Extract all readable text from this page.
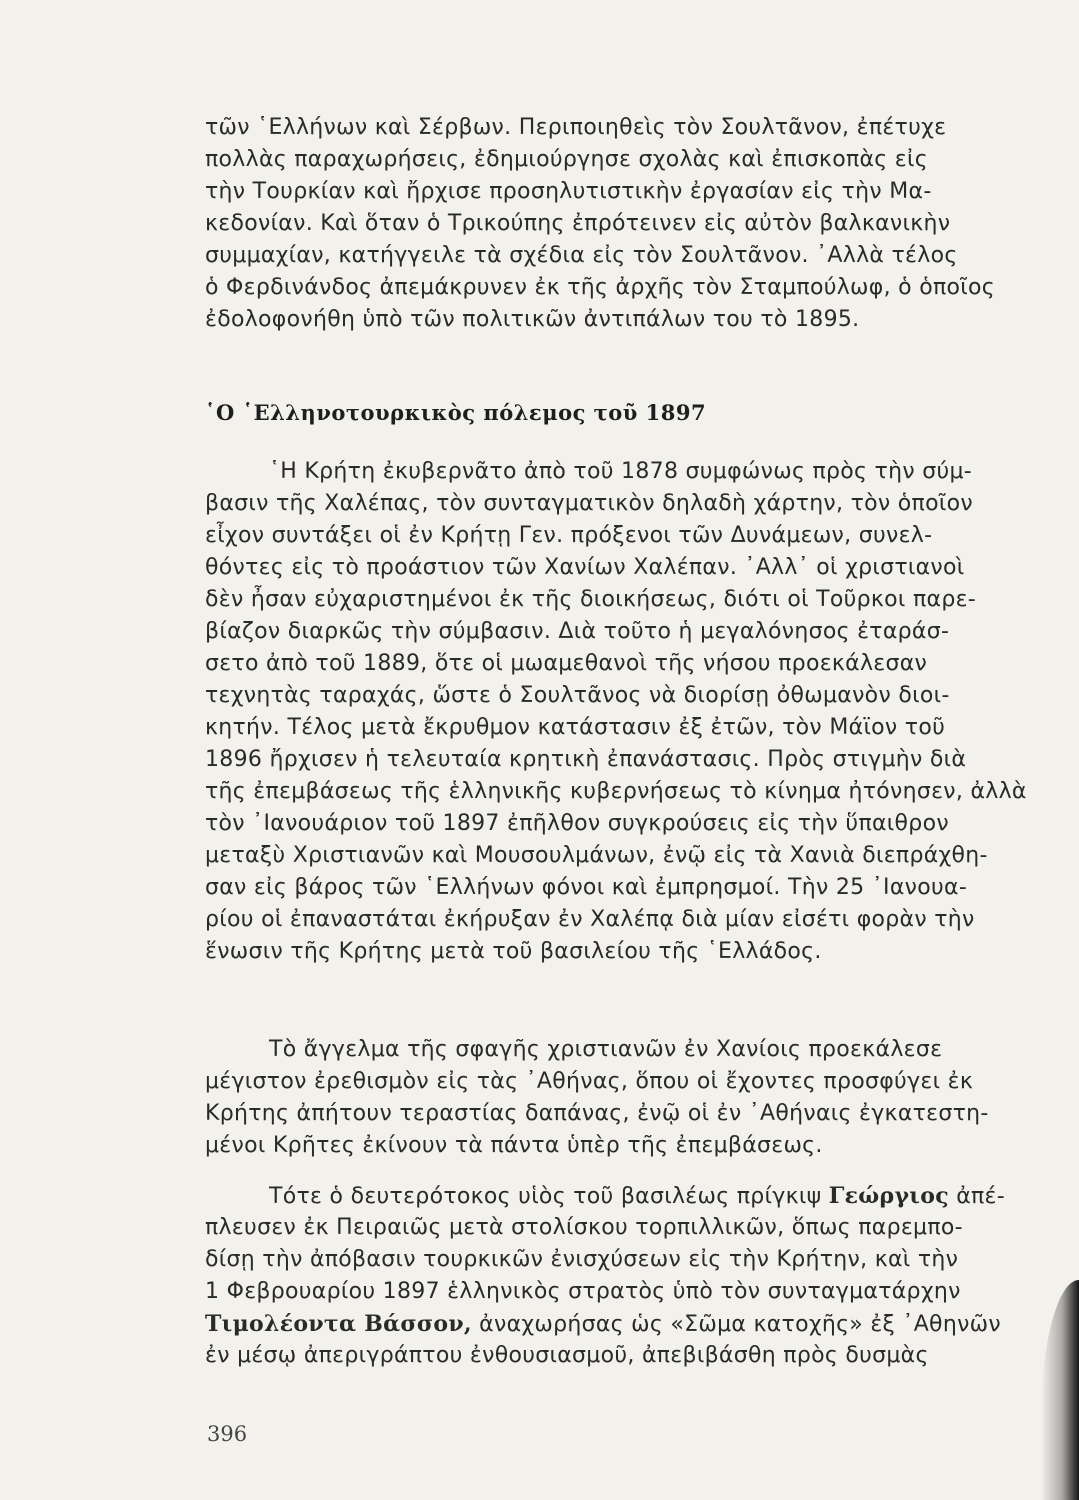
τῶν ῾Ελλήνων καὶ Σέρβων. Περιποιηθεὶς τὸν Σουλτᾶνον, ἐπέτυχε
πολλὰς παραχωρήσεις, ἐδημιούργησε σχολὰς καὶ ἐπισκοπὰς εἰς
τὴν Τουρκίαν καὶ ἤρχισε προσηλυτιστικὴν ἐργασίαν εἰς τὴν Μα-
κεδονίαν. Καὶ ὅταν ὁ Τρικούπης ἐπρότεινεν εἰς αὐτὸν βαλκανικὴν
συμμαχίαν, κατήγγειλε τὰ σχέδια εἰς τὸν Σουλτᾶνον. ᾿Αλλὰ τέλος
ὁ Φερδινάνδος ἀπεμάκρυνεν ἐκ τῆς ἀρχῆς τὸν Σταμπούλωφ, ὁ ὁποῖος
ἐδολοφονήθη ὑπὸ τῶν πολιτικῶν ἀντιπάλων του τὸ 1895.
῾Ο ῾Ελληνοτουρκικὸς πόλεμος τοῦ 1897
῾Η Κρήτη ἐκυβερνᾶτο ἀπὸ τοῦ 1878 συμφώνως πρὸς τὴν σύμ-
βασιν τῆς Χαλέπας, τὸν συνταγματικὸν δηλαδὴ χάρτην, τὸν ὁποῖον
εἶχον συντάξει οἱ ἐν Κρήτῃ Γεν. πρόξενοι τῶν Δυνάμεων, συνελ-
θόντες εἰς τὸ προάστιον τῶν Χανίων Χαλέπαν. ᾿Αλλ᾿ οἱ χριστιανοὶ
δὲν ἦσαν εὐχαριστημένοι ἐκ τῆς διοικήσεως, διότι οἱ Τοῦρκοι παρε-
βίαζον διαρκῶς τὴν σύμβασιν. Διὰ τοῦτο ἡ μεγαλόνησος ἐταράσ-
σετο ἀπὸ τοῦ 1889, ὅτε οἱ μωαμεθανοὶ τῆς νήσου προεκάλεσαν
τεχνητὰς ταραχάς, ὥστε ὁ Σουλτᾶνος νὰ διορίσῃ ὀθωμανὸν διοι-
κητήν. Τέλος μετὰ ἔκρυθμον κατάστασιν ἐξ ἐτῶν, τὸν Μάϊον τοῦ
1896 ἤρχισεν ἡ τελευταία κρητικὴ ἐπανάστασις. Πρὸς στιγμὴν διὰ
τῆς ἐπεμβάσεως τῆς ἑλληνικῆς κυβερνήσεως τὸ κίνημα ἠτόνησεν, ἀλλὰ
τὸν ᾿Ιανουάριον τοῦ 1897 ἐπῆλθον συγκρούσεις εἰς τὴν ὕπαιθρον
μεταξὺ Χριστιανῶν καὶ Μουσουλμάνων, ἐνῷ εἰς τὰ Χανιὰ διεπράχθη-
σαν εἰς βάρος τῶν ῾Ελλήνων φόνοι καὶ ἐμπρησμοί. Τὴν 25 ᾿Ιανουα-
ρίου οἱ ἐπαναστάται ἐκήρυξαν ἐν Χαλέπᾳ διὰ μίαν εἰσέτι φορὰν τὴν
ἕνωσιν τῆς Κρήτης μετὰ τοῦ βασιλείου τῆς ῾Ελλάδος.
Τὸ ἄγγελμα τῆς σφαγῆς χριστιανῶν ἐν Χανίοις προεκάλεσε
μέγιστον ἐρεθισμὸν εἰς τὰς ᾿Αθήνας, ὅπου οἱ ἔχοντες προσφύγει ἐκ
Κρήτης ἀπήτουν τεραστίας δαπάνας, ἐνῷ οἱ ἐν ᾿Αθήναις ἐγκατεστη-
μένοι Κρῆτες ἐκίνουν τὰ πάντα ὑπὲρ τῆς ἐπεμβάσεως.
Τότε ὁ δευτερότοκος υἱὸς τοῦ βασιλέως πρίγκιψ Γεώργιος ἀπέ-
πλευσεν ἐκ Πειραιῶς μετὰ στολίσκου τορπιλλικῶν, ὅπως παρεμπο-
δίσῃ τὴν ἀπόβασιν τουρκικῶν ἐνισχύσεων εἰς τὴν Κρήτην, καὶ τὴν
1 Φεβρουαρίου 1897 ἑλληνικὸς στρατὸς ὑπὸ τὸν συνταγματάρχην
Τιμολέοντα Βάσσον, ἀναχωρήσας ὡς «Σῶμα κατοχῆς» ἐξ ᾿Αθηνῶν
ἐν μέσῳ ἀπεριγράπτου ἐνθουσιασμοῦ, ἀπεβιβάσθη πρὸς δυσμὰς
396
